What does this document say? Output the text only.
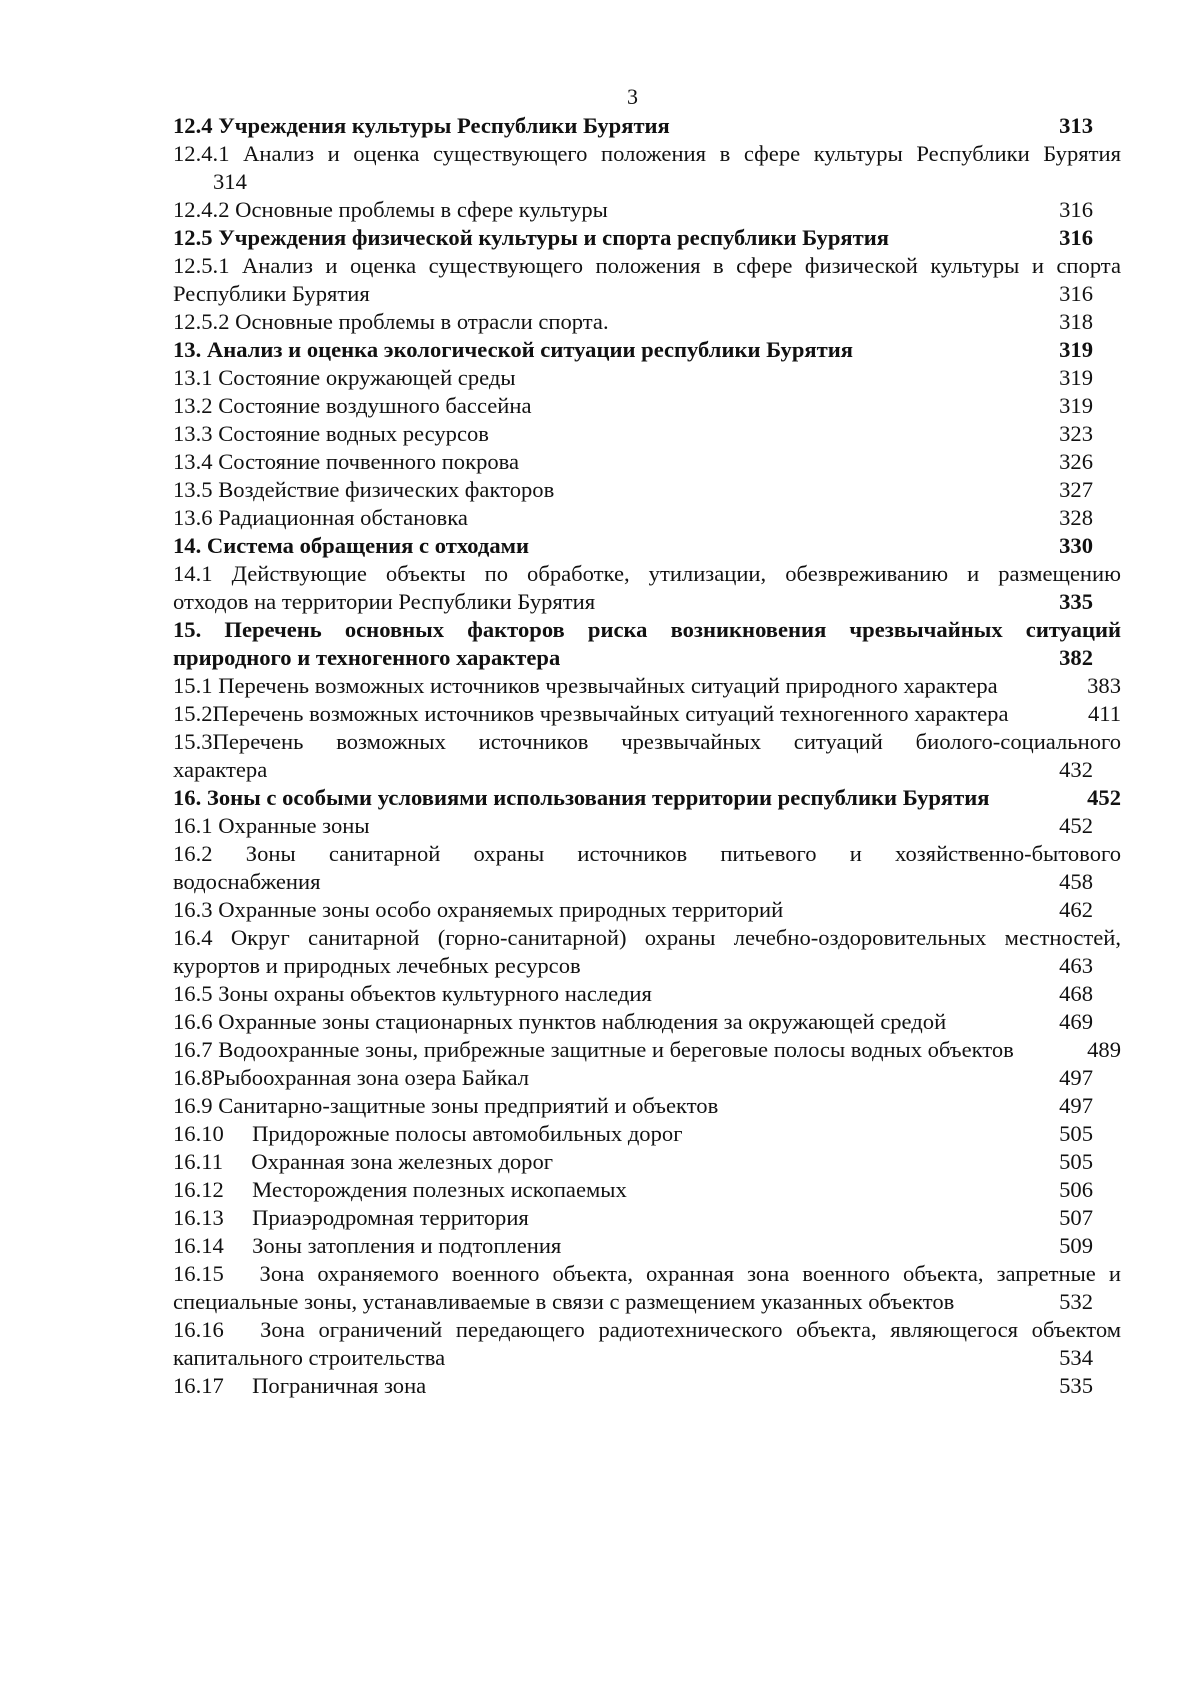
3
12.4 Учреждения культуры Республики Бурятия	313
12.4.1 Анализ и оценка существующего положения в сфере культуры Республики Бурятия
314
12.4.2 Основные проблемы в сфере культуры	316
12.5 Учреждения физической культуры и спорта республики Бурятия	316
12.5.1 Анализ и оценка существующего положения в сфере физической культуры и спорта
Республики Бурятия	316
12.5.2 Основные проблемы в отрасли спорта.	318
13. Анализ и оценка экологической ситуации республики Бурятия	319
13.1 Состояние окружающей среды	319
13.2 Состояние воздушного бассейна	319
13.3 Состояние водных ресурсов	323
13.4 Состояние почвенного покрова	326
13.5 Воздействие физических факторов	327
13.6 Радиационная обстановка	328
14. Система обращения с отходами	330
14.1 Действующие объекты по обработке, утилизации, обезвреживанию и размещению
отходов на территории Республики Бурятия	335
15. Перечень основных факторов риска возникновения чрезвычайных ситуаций
природного и техногенного характера	382
15.1 Перечень возможных источников чрезвычайных ситуаций природного характера	383
15.2Перечень возможных источников чрезвычайных ситуаций техногенного характера	411
15.3Перечень возможных источников чрезвычайных ситуаций биолого-социального
характера	432
16. Зоны с особыми условиями использования территории республики Бурятия	452
16.1 Охранные зоны	452
16.2 Зоны санитарной охраны источников питьевого и хозяйственно-бытового
водоснабжения	458
16.3 Охранные зоны особо охраняемых природных территорий	462
16.4 Округ санитарной (горно-санитарной) охраны лечебно-оздоровительных местностей,
курортов и природных лечебных ресурсов	463
16.5 Зоны охраны объектов культурного наследия	468
16.6 Охранные зоны стационарных пунктов наблюдения за окружающей средой	469
16.7 Водоохранные зоны, прибрежные защитные и береговые полосы водных объектов	489
16.8Рыбоохранная зона озера Байкал	497
16.9 Санитарно-защитные зоны предприятий и объектов	497
16.10  Придорожные полосы автомобильных дорог	505
16.11  Охранная зона железных дорог	505
16.12  Месторождения полезных ископаемых	506
16.13  Приаэродромная территория	507
16.14  Зоны затопления и подтопления	509
16.15  Зона охраняемого военного объекта, охранная зона военного объекта, запретные и
специальные зоны, устанавливаемые в связи с размещением указанных объектов	532
16.16  Зона ограничений передающего радиотехнического объекта, являющегося объектом
капитального строительства	534
16.17  Пограничная зона	535
